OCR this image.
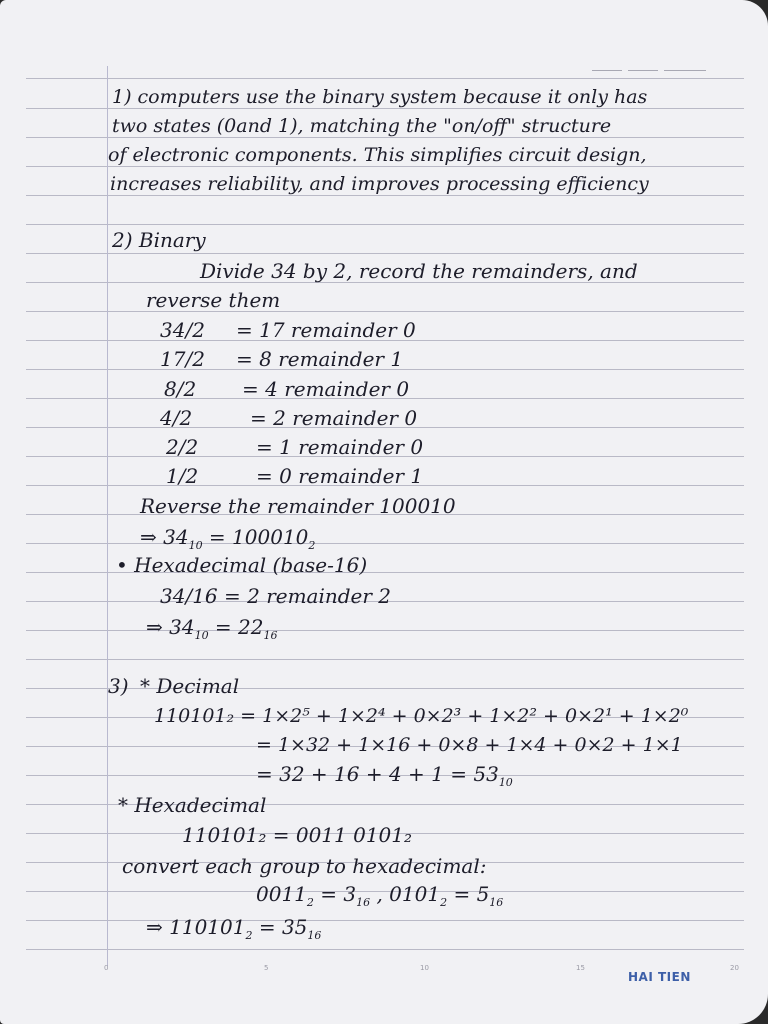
1) computers use the binary system because it only has

two states (0and 1), matching the "on/off" structure

of electronic components. This simplifies circuit design,

increases reliability, and improves processing efficiency

2) Binary

Divide 34 by 2, record the remainders, and

reverse them

34/2 = 17 remainder 0

17/2 = 8 remainder 1

8/2 = 4 remainder 0

4/2	= 2 remainder 0

2/2	= 1 remainder 0

1/2	= 0 remainder 1

Reverse the remainder 100010

⇒ $34_{10} = 100010_2$

• Hexadecimal (base-16)

34/16 = 2 remainder 2

⇒ $34_{10} = 22_{16}$

3) * Decimal

110101₂ = 1×2⁵ + 1×2⁴ + 0×2³ + 1×2² + 0×2¹ + 1×2⁰

= 1×32 + 1×16 + 0×8 + 1×4 + 0×2 + 1×1

= $32 + 16 + 4 + 1 = 53_{10}$

* Hexadecimal

110101₂ = 0011 0101₂

convert each group to hexadecimal:

$0011_2 = 3_{16}$ , $0101_2 = 5_{16}$

⇒ $110101_2 = 35_{16}$

0	5	10	15	20
HAI TIEN
